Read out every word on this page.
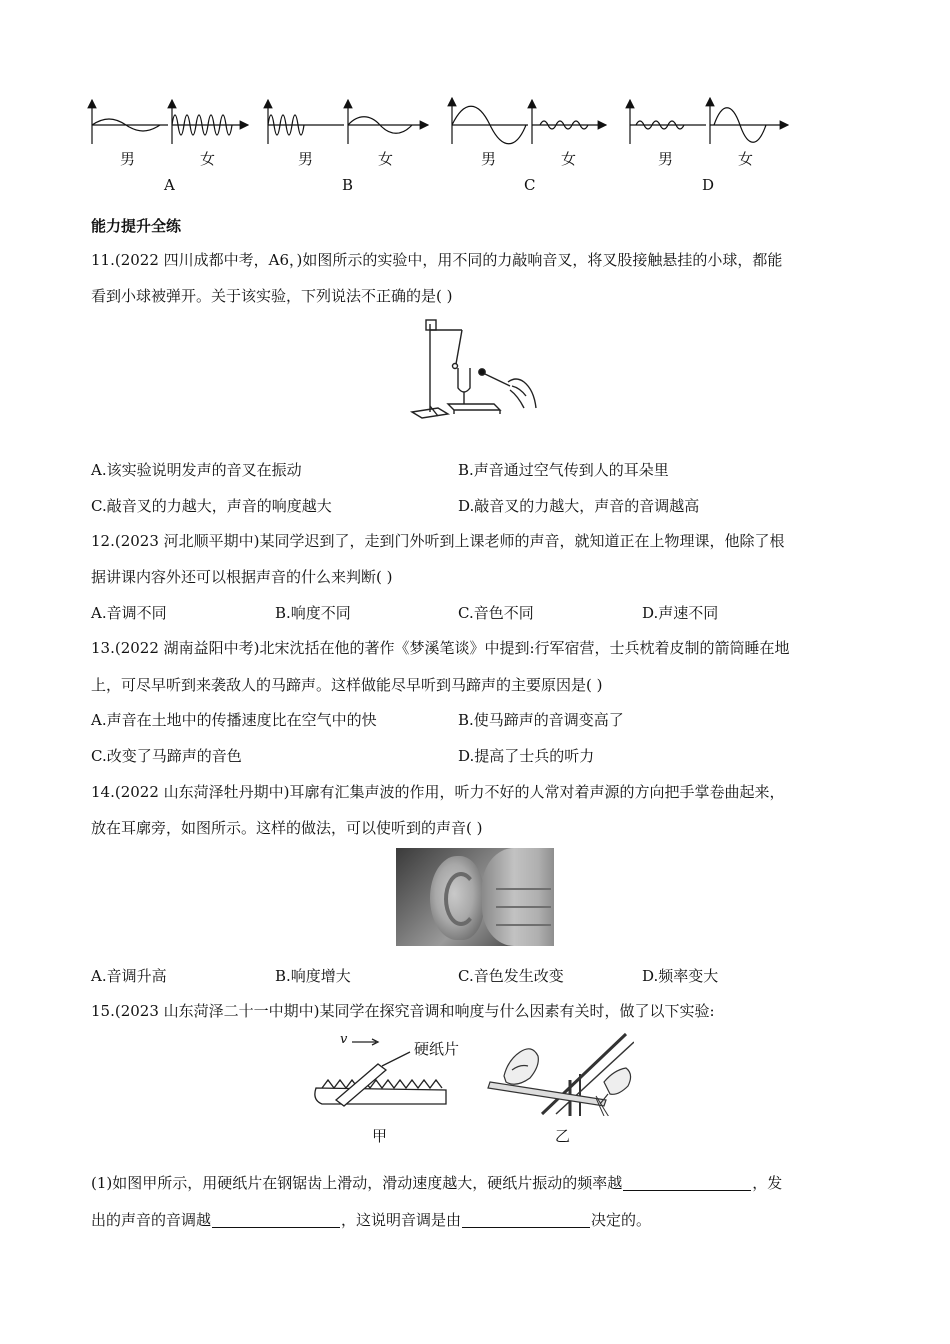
男	女
A
男	女
B
男	女
C
男	女
D
能力提升全练
11.(2022 四川成都中考，A6，)如图所示的实验中，用不同的力敲响音叉，将叉股接触悬挂的小球，都能
看到小球被弹开。关于该实验，下列说法不正确的是( )
A.该实验说明发声的音叉在振动	B.声音通过空气传到人的耳朵里
C.敲音叉的力越大，声音的响度越大	D.敲音叉的力越大，声音的音调越高
12.(2023 河北顺平期中)某同学迟到了，走到门外听到上课老师的声音，就知道正在上物理课，他除了根
据讲课内容外还可以根据声音的什么来判断( )
A.音调不同	B.响度不同	C.音色不同	D.声速不同
13.(2022 湖南益阳中考)北宋沈括在他的著作《梦溪笔谈》中提到:行军宿营，士兵枕着皮制的箭筒睡在地
上，可尽早听到来袭敌人的马蹄声。这样做能尽早听到马蹄声的主要原因是( )
A.声音在土地中的传播速度比在空气中的快	B.使马蹄声的音调变高了
C.改变了马蹄声的音色	D.提高了士兵的听力
14.(2022 山东菏泽牡丹期中)耳廓有汇集声波的作用，听力不好的人常对着声源的方向把手掌卷曲起来，
放在耳廓旁，如图所示。这样的做法，可以使听到的声音( )
A.音调升高	B.响度增大	C.音色发生改变	D.频率变大
15.(2023 山东菏泽二十一中期中)某同学在探究音调和响度与什么因素有关时，做了以下实验:
v
硬纸片
甲	乙
(1)如图甲所示，用硬纸片在钢锯齿上滑动，滑动速度越大，硬纸片振动的频率越	，发
出的声音的音调越	，这说明音调是由	决定的。
